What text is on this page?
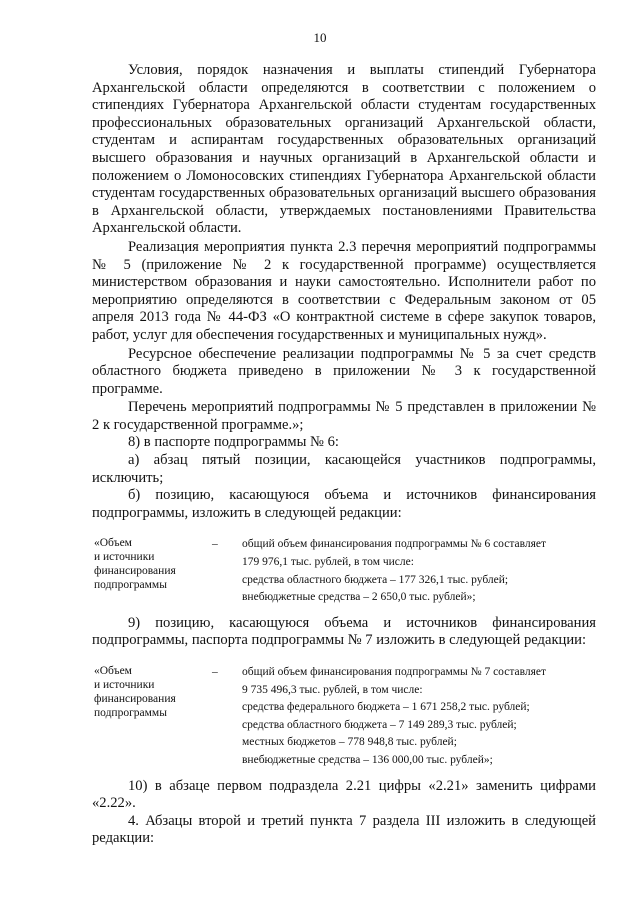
10

Условия, порядок назначения и выплаты стипендий Губернатора Архангельской области определяются в соответствии с положением о стипендиях Губернатора Архангельской области студентам государственных профессиональных образовательных организаций Архангельской области, студентам и аспирантам государственных образовательных организаций высшего образования и научных организаций в Архангельской области и положением о Ломоносовских стипендиях Губернатора Архангельской области студентам государственных образовательных организаций высшего образования в Архангельской области, утверждаемых постановлениями Правительства Архангельской области.

Реализация мероприятия пункта 2.3 перечня мероприятий подпрограммы № 5 (приложение № 2 к государственной программе) осуществляется министерством образования и науки самостоятельно. Исполнители работ по мероприятию определяются в соответствии с Федеральным законом от 05 апреля 2013 года № 44-ФЗ «О контрактной системе в сфере закупок товаров, работ, услуг для обеспечения государственных и муниципальных нужд».

Ресурсное обеспечение реализации подпрограммы № 5 за счет средств областного бюджета приведено в приложении № 3 к государственной программе.

Перечень мероприятий подпрограммы № 5 представлен в приложении № 2 к государственной программе.»;

8) в паспорте подпрограммы № 6:

а) абзац пятый позиции, касающейся участников подпрограммы, исключить;

б) позицию, касающуюся объема и источников финансирования подпрограммы, изложить в следующей редакции:

«Объем
и источники
финансирования
подпрограммы
–	общий объем финансирования подпрограммы № 6 составляет
179 976,1 тыс. рублей, в том числе:
средства областного бюджета – 177 326,1 тыс. рублей;
внебюджетные средства – 2 650,0 тыс. рублей»;

9) позицию, касающуюся объема и источников финансирования подпрограммы, паспорта подпрограммы № 7 изложить в следующей редакции:

«Объем
и источники
финансирования
подпрограммы
–	общий объем финансирования подпрограммы № 7 составляет
9 735 496,3 тыс. рублей, в том числе:
средства федерального бюджета – 1 671 258,2 тыс. рублей;
средства областного бюджета – 7 149 289,3 тыс. рублей;
местных бюджетов – 778 948,8 тыс. рублей;
внебюджетные средства – 136 000,00 тыс. рублей»;

10) в абзаце первом подраздела 2.21 цифры «2.21» заменить цифрами «2.22».

4. Абзацы второй и третий пункта 7 раздела III изложить в следующей редакции:
